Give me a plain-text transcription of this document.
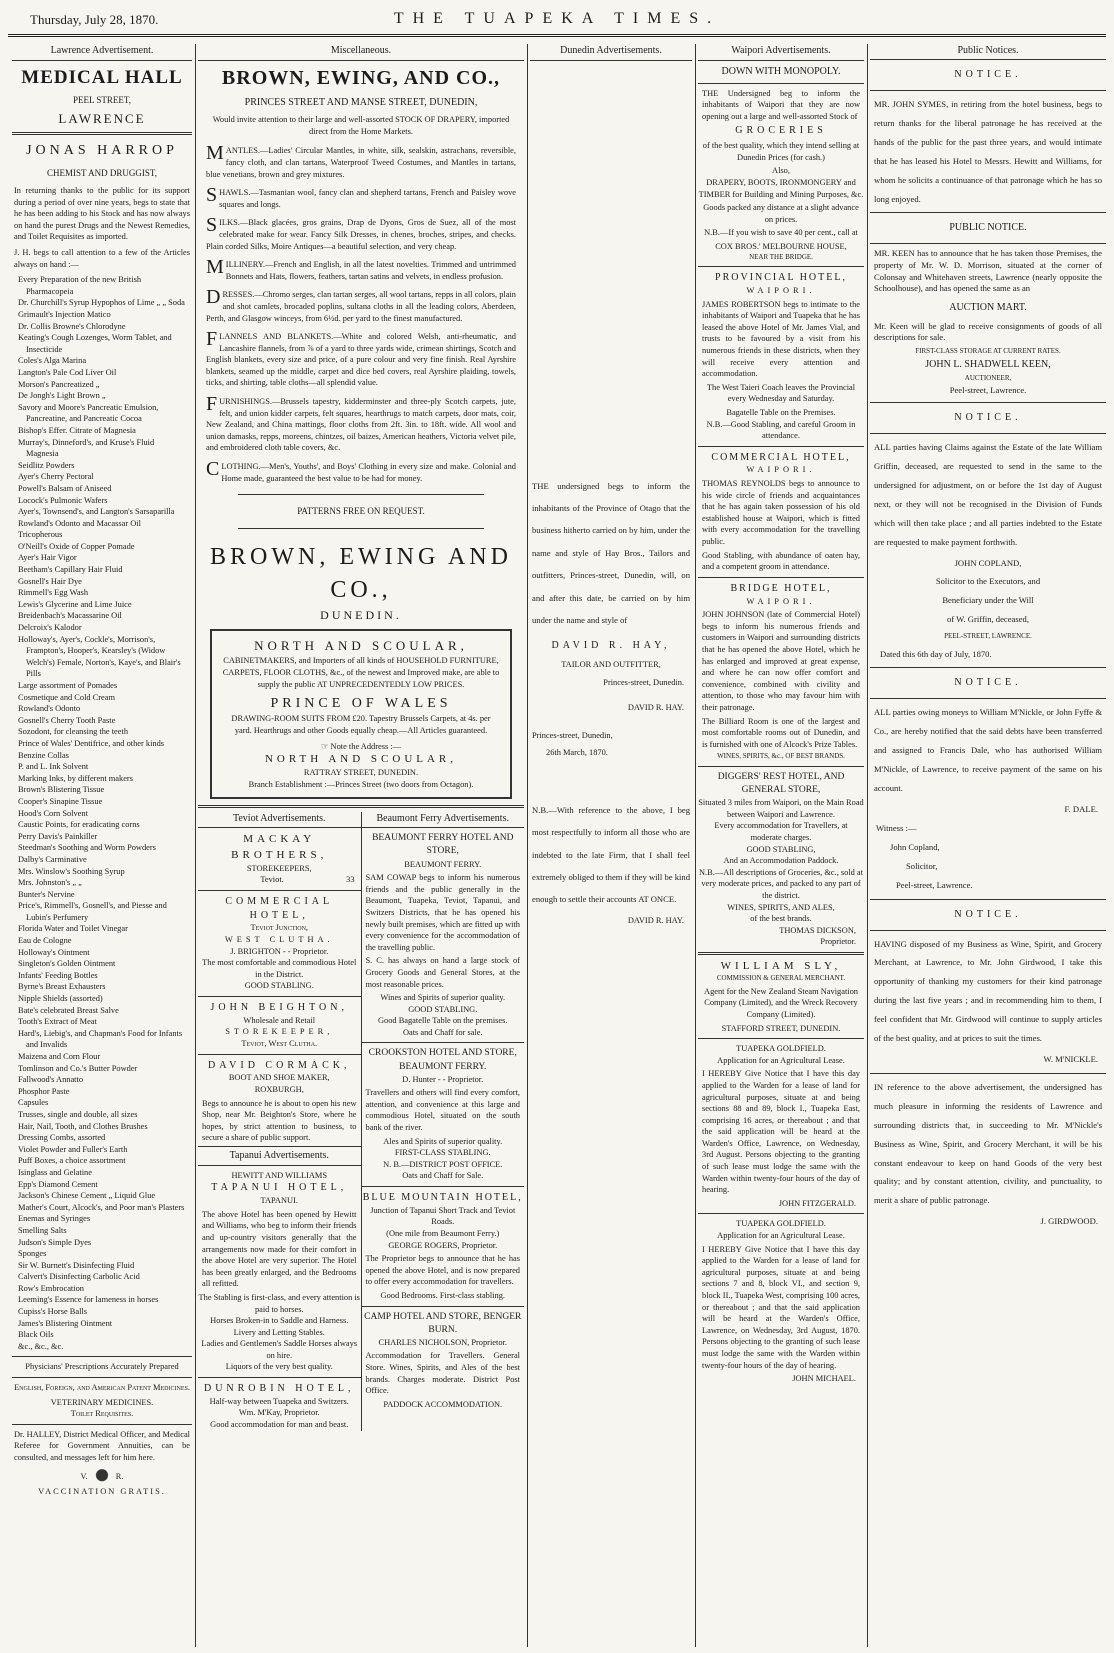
Thursday, July 28, 1870.	THE TUAPEKA TIMES.
Lawrence Advertisement.
MEDICAL HALL
PEEL STREET,
LAWRENCE
JONAS HARROP
CHEMIST AND DRUGGIST,

In returning thanks to the public for its support during a period of over nine years, begs to state that he has been adding to his Stock and has now always on hand the purest Drugs and the Newest Remedies, and Toilet Requisites as imported.

J. H. begs to call attention to a few of the Articles always on hand :—

Every Preparation of the new British Pharmacopeia
Dr. Churchill's Syrup Hypophos of Lime „ „ Soda
Grimault's Injection Matico
Dr. Collis Browne's Chlorodyne
Keating's Cough Lozenges, Worm Tablet, and Insecticide
Coles's Alga Marina
Langton's Pale Cod Liver Oil
Morson's Pancreatized „
De Jongh's Light Brown „
Savory and Moore's Pancreatic Emulsion, Pancreatine, and Pancreatic Cocoa
Bishop's Effer. Citrate of Magnesia
Murray's, Dinneford's, and Kruse's Fluid Magnesia
Seidlitz Powders
Ayer's Cherry Pectoral
Powell's Balsam of Aniseed
Locock's Pulmonic Wafers
Ayer's, Townsend's, and Langton's Sarsaparilla
Rowland's Odonto and Macassar Oil
Tricopherous
O'Neill's Oxide of Copper Pomade
Ayer's Hair Vigor
Beetham's Capillary Hair Fluid
Gosnell's Hair Dye
Rimmell's Egg Wash
Lewis's Glycerine and Lime Juice
Breidenbach's Macassarine Oil
Delcroix's Kalodor
Holloway's, Ayer's, Cockle's, Morrison's, Frampton's, Hooper's, Kearsley's (Widow Welch's) Female, Norton's, Kaye's, and Blair's Pills
Large assortment of Pomades
Cosmetique and Cold Cream
Rowland's Odonto
Gosnell's Cherry Tooth Paste
Sozodont, for cleansing the teeth
Prince of Wales' Dentifrice, and other kinds
Benzine Collas
P. and L. Ink Solvent
Marking Inks, by different makers
Brown's Blistering Tissue
Cooper's Sinapine Tissue
Hood's Corn Solvent
Caustic Points, for eradicating corns
Perry Davis's Painkiller
Steedman's Soothing and Worm Powders
Dalby's Carminative
Mrs. Winslow's Soothing Syrup
Mrs. Johnston's „ „
Bunter's Nervine
Price's, Rimmell's, Gosnell's, and Piesse and Lubin's Perfumery
Florida Water and Toilet Vinegar
Eau de Cologne
Holloway's Ointment
Singleton's Golden Ointment
Infants' Feeding Bottles
Byrne's Breast Exhausters
Nipple Shields (assorted)
Bate's celebrated Breast Salve
Tooth's Extract of Meat
Hard's, Liebig's, and Chapman's Food for Infants and Invalids
Maizena and Corn Flour
Tomlinson and Co.'s Butter Powder
Fallwood's Annatto
Phosphor Paste
Capsules
Trusses, single and double, all sizes
Hair, Nail, Tooth, and Clothes Brushes
Dressing Combs, assorted
Violet Powder and Fuller's Earth
Puff Boxes, a choice assortment
Isinglass and Gelatine
Epp's Diamond Cement
Jackson's Chinese Cement „ Liquid Glue
Mather's Court, Alcock's, and Poor man's Plasters
Enemas and Syringes
Smelling Salts
Judson's Simple Dyes
Sponges
Sir W. Burnett's Disinfecting Fluid
Calvert's Disinfecting Carbolic Acid
Row's Embrocation
Leeming's Essence for lameness in horses
Cupiss's Horse Balls
James's Blistering Ointment
Black Oils
&c., &c., &c.
Physicians' Prescriptions Accurately Prepared
English, Foreign, and American Patent Medicines.
VETERINARY MEDICINES.
Toilet Requisites.

Dr. HALLEY, District Medical Officer, and Medical Referee for Government Annuities, can be consulted, and messages left for him here.

V.	R.
VACCINATION GRATIS.
Miscellaneous.
BROWN, EWING, AND CO.,
PRINCES STREET AND MANSE STREET, DUNEDIN,
Would invite attention to their large and well-assorted STOCK OF DRAPERY, imported direct from the Home Markets.

MANTLES.—Ladies' Circular Mantles, in white, silk, sealskin, astrachans, reversible, fancy cloth, and clan tartans, Waterproof Tweed Costumes, and Mantles in tartans, blue venetians, brown and grey mixtures.

SHAWLS.—Tasmanian wool, fancy clan and shepherd tartans, French and Paisley wove squares and longs.

SILKS.—Black glacées, gros grains, Drap de Dyons, Gros de Suez, all of the most celebrated make for wear. Fancy Silk Dresses, in chenes, broches, stripes, and checks. Plain corded Silks, Moire Antiques—a beautiful selection, and very cheap.

MILLINERY.—French and English, in all the latest novelties. Trimmed and untrimmed Bonnets and Hats, flowers, feathers, tartan satins and velvets, in endless profusion.

DRESSES.—Chromo serges, clan tartan serges, all wool tartans, repps in all colors, plain and shot camlets, brocaded poplins, sultana cloths in all the leading colors, Aberdeen, Perth, and Glasgow winceys, from 6½d. per yard to the finest manufactured.

FLANNELS AND BLANKETS.—White and colored Welsh, anti-rheumatic, and Lancashire flannels, from ⅞ of a yard to three yards wide, crimean shirtings, Scotch and English blankets, every size and price, of a pure colour and very fine finish. Real Ayrshire blankets, seamed up the middle, carpet and dice bed covers, real Ayrshire plaiding, towels, ticks, and shirting, table cloths—all splendid value.

FURNISHINGS.—Brussels tapestry, kidderminster and three-ply Scotch carpets, jute, felt, and union kidder carpets, felt squares, hearthrugs to match carpets, door mats, coir, New Zealand, and China mattings, floor cloths from 2ft. 3in. to 18ft. wide. All wool and union damasks, repps, moreens, chintzes, oil baizes, American heathers, Victoria velvet pile, and embroidered cloth table covers, &c.

CLOTHING.—Men's, Youths', and Boys' Clothing in every size and make. Colonial and Home made, guaranteed the best value to be had for money.

PATTERNS FREE ON REQUEST.
BROWN, EWING AND CO.,
DUNEDIN.
NORTH AND SCOULAR,
CABINETMAKERS, and Importers of all kinds of HOUSEHOLD FURNITURE, CARPETS, FLOOR CLOTHS, &c., of the newest and Improved make, are able to supply the public AT UNPRECEDENTEDLY LOW PRICES.
PRINCE OF WALES
DRAWING-ROOM SUITS FROM £20. Tapestry Brussels Carpets, at 4s. per yard. Hearthrugs and other Goods equally cheap.—All Articles guaranteed.
☞ Note the Address :—
NORTH AND SCOULAR,
RATTRAY STREET, DUNEDIN.
Branch Establishment :—Princes Street (two doors from Octagon).
Teviot Advertisements.
MACKAY BROTHERS,
STOREKEEPERS,
Teviot.	33
COMMERCIAL HOTEL,
Teviot Junction,
WEST CLUTHA.
J. BRIGHTON - - Proprietor.
The most comfortable and commodious Hotel in the District.
GOOD STABLING.
JOHN BEIGHTON,
Wholesale and Retail
STOREKEEPER,
Teviot, West Clutha.
DAVID CORMACK,
BOOT AND SHOE MAKER,
ROXBURGH,

Begs to announce he is about to open his new Shop, near Mr. Beighton's Store, where he hopes, by strict attention to business, to secure a share of public support.

Tapanui Advertisements.
HEWITT AND WILLIAMS
TAPANUI HOTEL,
TAPANUI.

The above Hotel has been opened by Hewitt and Williams, who beg to inform their friends and up-country visitors generally that the arrangements now made for their comfort in the above Hotel are very superior. The Hotel has been greatly enlarged, and the Bedrooms all refitted.

The Stabling is first-class, and every attention is paid to horses.
Horses Broken-in to Saddle and Harness.
Livery and Letting Stables.
Ladies and Gentlemen's Saddle Horses always on hire.
Liquors of the very best quality.
DUNROBIN HOTEL,
Half-way between Tuapeka and Switzers.
Wm. M'Kay, Proprietor.
Good accommodation for man and beast.
Beaumont Ferry Advertisements.
BEAUMONT FERRY HOTEL AND STORE,
BEAUMONT FERRY.

SAM COWAP begs to inform his numerous friends and the public generally in the Beaumont, Tuapeka, Teviot, Tapanui, and Switzers Districts, that he has opened his newly built premises, which are fitted up with every convenience for the accommodation of the travelling public.

S. C. has always on hand a large stock of Grocery Goods and General Stores, at the most reasonable prices.

Wines and Spirits of superior quality.
GOOD STABLING.
Good Bagatelle Table on the premises.
Oats and Chaff for sale.
CROOKSTON HOTEL AND STORE, BEAUMONT FERRY.
D. Hunter - - Proprietor.

Travellers and others will find every comfort, attention, and convenience at this large and commodious Hotel, situated on the south bank of the river.

Ales and Spirits of superior quality.
FIRST-CLASS STABLING.
N. B.—DISTRICT POST OFFICE.
Oats and Chaff for Sale.
BLUE MOUNTAIN HOTEL,
Junction of Tapanui Short Track and Teviot Roads.
(One mile from Beaumont Ferry.)
GEORGE ROGERS, Proprietor.

The Proprietor begs to announce that he has opened the above Hotel, and is now prepared to offer every accommodation for travellers.

Good Bedrooms. First-class stabling.
CAMP HOTEL AND STORE, BENGER BURN.
CHARLES NICHOLSON, Proprietor.

Accommodation for Travellers. General Store. Wines, Spirits, and Ales of the best brands. Charges moderate. District Post Office.

PADDOCK ACCOMMODATION.
Dunedin Advertisements.

THE undersigned begs to inform the inhabitants of the Province of Otago that the business hitherto carried on by him, under the name and style of Hay Bros., Tailors and outfitters, Princes-street, Dunedin, will, on and after this date, be carried on by him under the name and style of

DAVID R. HAY,
TAILOR AND OUTFITTER,
Princes-street, Dunedin.
DAVID R. HAY.
Princes-street, Dunedin,
26th March, 1870.

N.B.—With reference to the above, I beg most respectfully to inform all those who are indebted to the late Firm, that I shall feel extremely obliged to them if they will be kind enough to settle their accounts AT ONCE.

DAVID R. HAY.
Waipori Advertisements.
DOWN WITH MONOPOLY.

THE Undersigned beg to inform the inhabitants of Waipori that they are now opening out a large and well-assorted Stock of

GROCERIES

of the best quality, which they intend selling at Dunedin Prices (for cash.)

Also,
DRAPERY, BOOTS, IRONMONGERY and TIMBER for Building and Mining Purposes, &c.

Goods packed any distance at a slight advance on prices.

N.B.—If you wish to save 40 per cent., call at

COX BROS.' MELBOURNE HOUSE,
NEAR THE BRIDGE.
PROVINCIAL HOTEL,
WAIPORI.

JAMES ROBERTSON begs to intimate to the inhabitants of Waipori and Tuapeka that he has leased the above Hotel of Mr. James Vial, and trusts to be favoured by a visit from his numerous friends in these districts, when they will receive every attention and accommodation.

The West Taieri Coach leaves the Provincial every Wednesday and Saturday.

Bagatelle Table on the Premises.
N.B.—Good Stabling, and careful Groom in attendance.
COMMERCIAL HOTEL,
WAIPORI.

THOMAS REYNOLDS begs to announce to his wide circle of friends and acquaintances that he has again taken possession of his old established house at Waipori, which is fitted with every accommodation for the travelling public.

Good Stabling, with abundance of oaten hay, and a competent groom in attendance.

BRIDGE HOTEL,
WAIPORI.

JOHN JOHNSON (late of Commercial Hotel) begs to inform his numerous friends and customers in Waipori and surrounding districts that he has opened the above Hotel, which he has enlarged and improved at great expense, and where he can now offer comfort and convenience, combined with civility and attention, to those who may favour him with their patronage.

The Billiard Room is one of the largest and most comfortable rooms out of Dunedin, and is furnished with one of Alcock's Prize Tables.

WINES, SPIRITS, &c., OF BEST BRANDS.
DIGGERS' REST HOTEL, AND GENERAL STORE,
Situated 3 miles from Waipori, on the Main Road between Waipori and Lawrence.
Every accommodation for Travellers, at moderate charges.
GOOD STABLING,
And an Accommodation Paddock.
N.B.—All descriptions of Groceries, &c., sold at very moderate prices, and packed to any part of the district.
WINES, SPIRITS, AND ALES,
of the best brands.
THOMAS DICKSON,
Proprietor.
WILLIAM SLY,
COMMISSION & GENERAL MERCHANT.

Agent for the New Zealand Steam Navigation Company (Limited), and the Wreck Recovery Company (Limited).

STAFFORD STREET, DUNEDIN.
TUAPEKA GOLDFIELD.
Application for an Agricultural Lease.

I HEREBY Give Notice that I have this day applied to the Warden for a lease of land for agricultural purposes, situate at and being sections 88 and 89, block I., Tuapeka East, comprising 16 acres, or thereabout ; and that the said application will be heard at the Warden's Office, Lawrence, on Wednesday, 3rd August. Persons objecting to the granting of such lease must lodge the same with the Warden within twenty-four hours of the day of hearing.

JOHN FITZGERALD.
TUAPEKA GOLDFIELD.
Application for an Agricultural Lease.

I HEREBY Give Notice that I have this day applied to the Warden for a lease of land for agricultural purposes, situate at and being sections 7 and 8, block VI., and section 9, block II., Tuapeka West, comprising 100 acres, or thereabout ; and that the said application will be heard at the Warden's Office, Lawrence, on Wednesday, 3rd August, 1870. Persons objecting to the granting of such lease must lodge the same with the Warden within twenty-four hours of the day of hearing.

JOHN MICHAEL.
Public Notices.
NOTICE.

MR. JOHN SYMES, in retiring from the hotel business, begs to return thanks for the liberal patronage he has received at the hands of the public for the past three years, and would intimate that he has leased his Hotel to Messrs. Hewitt and Williams, for whom he solicits a continuance of that patronage which he has so long enjoyed.

PUBLIC NOTICE.

MR. KEEN has to announce that he has taken those Premises, the property of Mr. W. D. Morrison, situated at the corner of Colonsay and Whitehaven streets, Lawrence (nearly opposite the Schoolhouse), and has opened the same as an

AUCTION MART.

Mr. Keen will be glad to receive consignments of goods of all descriptions for sale.

FIRST-CLASS STORAGE AT CURRENT RATES.
JOHN L. SHADWELL KEEN,
AUCTIONEER,
Peel-street, Lawrence.
NOTICE.

ALL parties having Claims against the Estate of the late William Griffin, deceased, are requested to send in the same to the undersigned for adjustment, on or before the 1st day of August next, or they will not be recognised in the Division of Funds which will then take place ; and all parties indebted to the Estate are requested to make payment forthwith.

JOHN COPLAND,
Solicitor to the Executors, and
Beneficiary under the Will
of W. Griffin, deceased,
PEEL-STREET, LAWRENCE.
Dated this 6th day of July, 1870.
NOTICE.

ALL parties owing moneys to William M'Nickle, or John Fyffe & Co., are hereby notified that the said debts have been transferred and assigned to Francis Dale, who has authorised William M'Nickle, of Lawrence, to receive payment of the same on his account.

F. DALE.
Witness :—
John Copland,
Solicitor,
Peel-street, Lawrence.
NOTICE.

HAVING disposed of my Business as Wine, Spirit, and Grocery Merchant, at Lawrence, to Mr. John Girdwood, I take this opportunity of thanking my customers for their kind patronage during the last five years ; and in recommending him to them, I feel confident that Mr. Girdwood will continue to supply articles of the best quality, and at prices to suit the times.

W. M'NICKLE.

IN reference to the above advertisement, the undersigned has much pleasure in informing the residents of Lawrence and surrounding districts that, in succeeding to Mr. M'Nickle's Business as Wine, Spirit, and Grocery Merchant, it will be his constant endeavour to keep on hand Goods of the very best quality; and by constant attention, civility, and punctuality, to merit a share of public patronage.

J. GIRDWOOD.
